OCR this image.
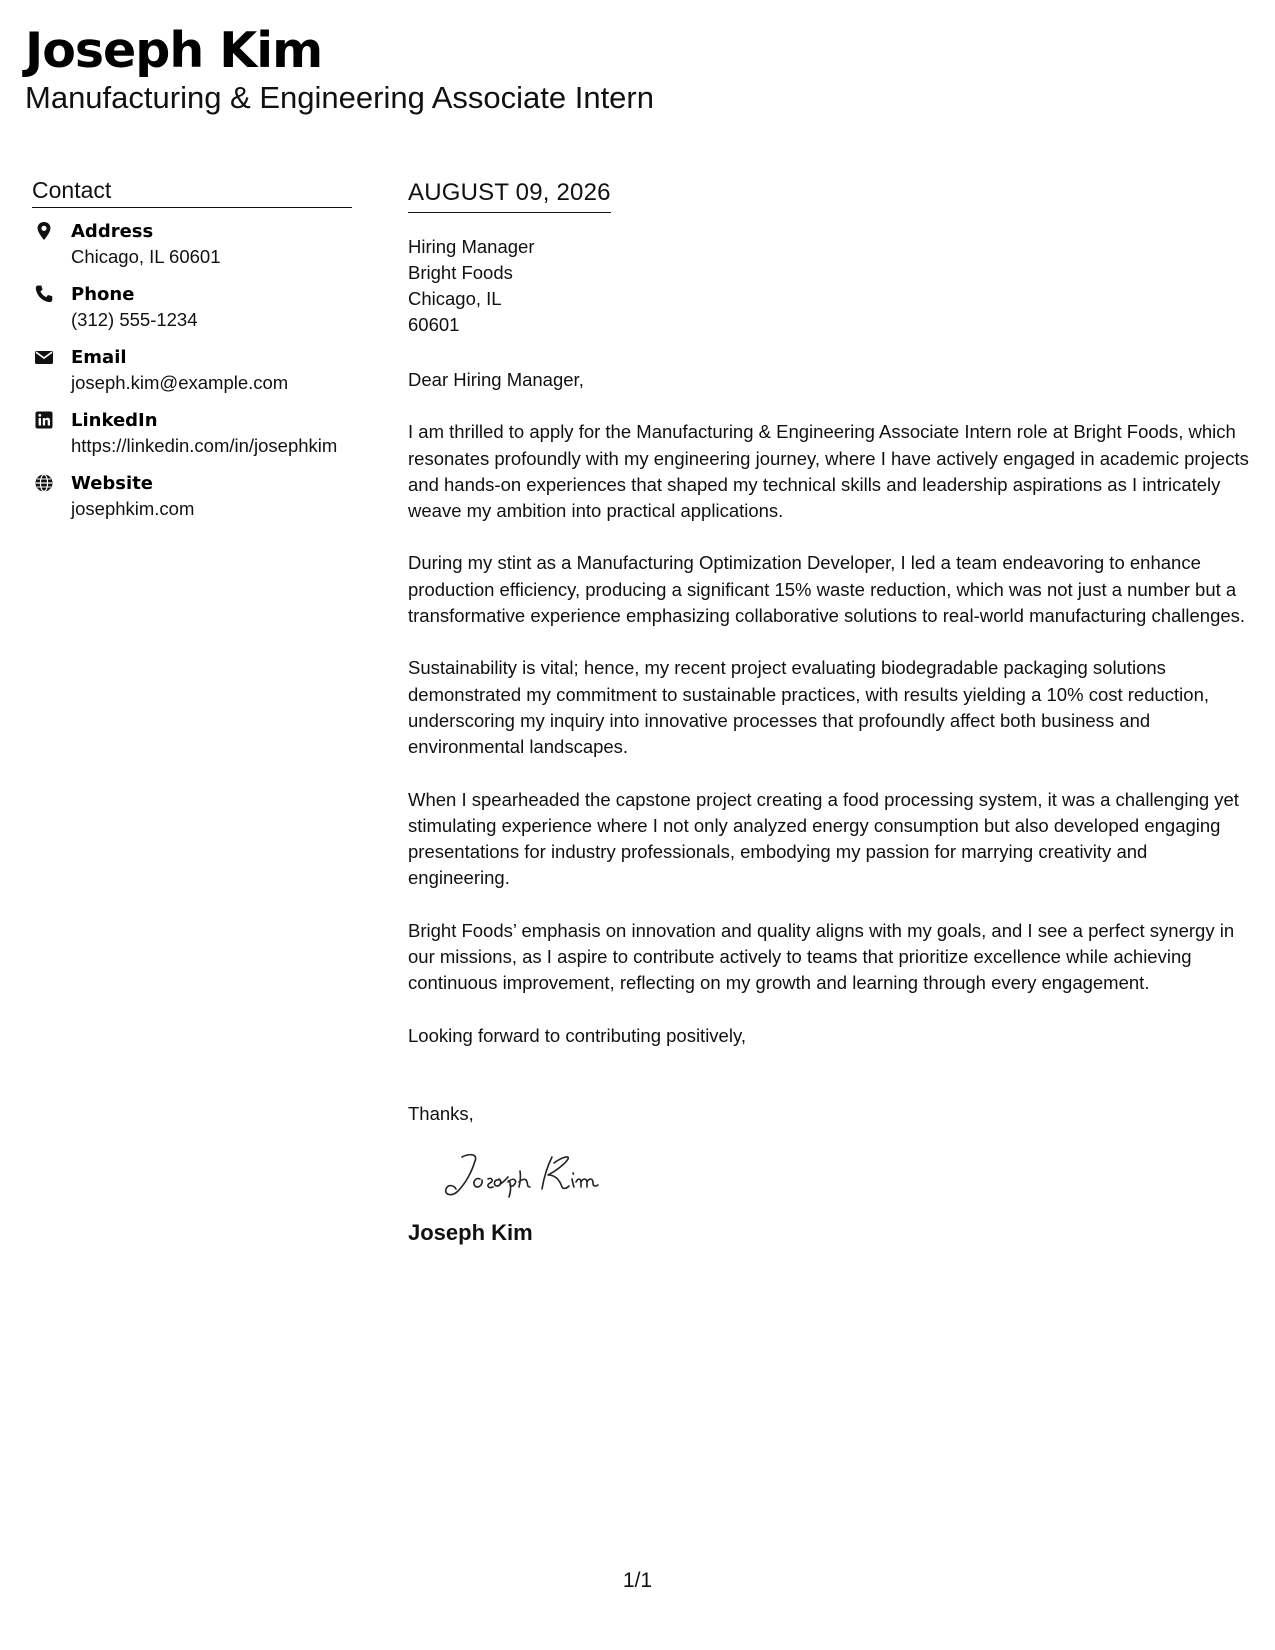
Joseph Kim
Manufacturing & Engineering Associate Intern
Contact
Address
Chicago, IL 60601
Phone
(312) 555-1234
Email
joseph.kim@example.com
LinkedIn
https://linkedin.com/in/josephkim
Website
josephkim.com
AUGUST 09, 2026
Hiring Manager
Bright Foods
Chicago, IL
60601

Dear Hiring Manager,

I am thrilled to apply for the Manufacturing & Engineering Associate Intern role at Bright Foods, which resonates profoundly with my engineering journey, where I have actively engaged in academic projects and hands-on experiences that shaped my technical skills and leadership aspirations as I intricately weave my ambition into practical applications.

During my stint as a Manufacturing Optimization Developer, I led a team endeavoring to enhance production efficiency, producing a significant 15% waste reduction, which was not just a number but a transformative experience emphasizing collaborative solutions to real-world manufacturing challenges.

Sustainability is vital; hence, my recent project evaluating biodegradable packaging solutions demonstrated my commitment to sustainable practices, with results yielding a 10% cost reduction, underscoring my inquiry into innovative processes that profoundly affect both business and environmental landscapes.

When I spearheaded the capstone project creating a food processing system, it was a challenging yet stimulating experience where I not only analyzed energy consumption but also developed engaging presentations for industry professionals, embodying my passion for marrying creativity and engineering.

Bright Foods’ emphasis on innovation and quality aligns with my goals, and I see a perfect synergy in our missions, as I aspire to contribute actively to teams that prioritize excellence while achieving continuous improvement, reflecting on my growth and learning through every engagement.

Looking forward to contributing positively,

Thanks,

Joseph Kim
1/1
